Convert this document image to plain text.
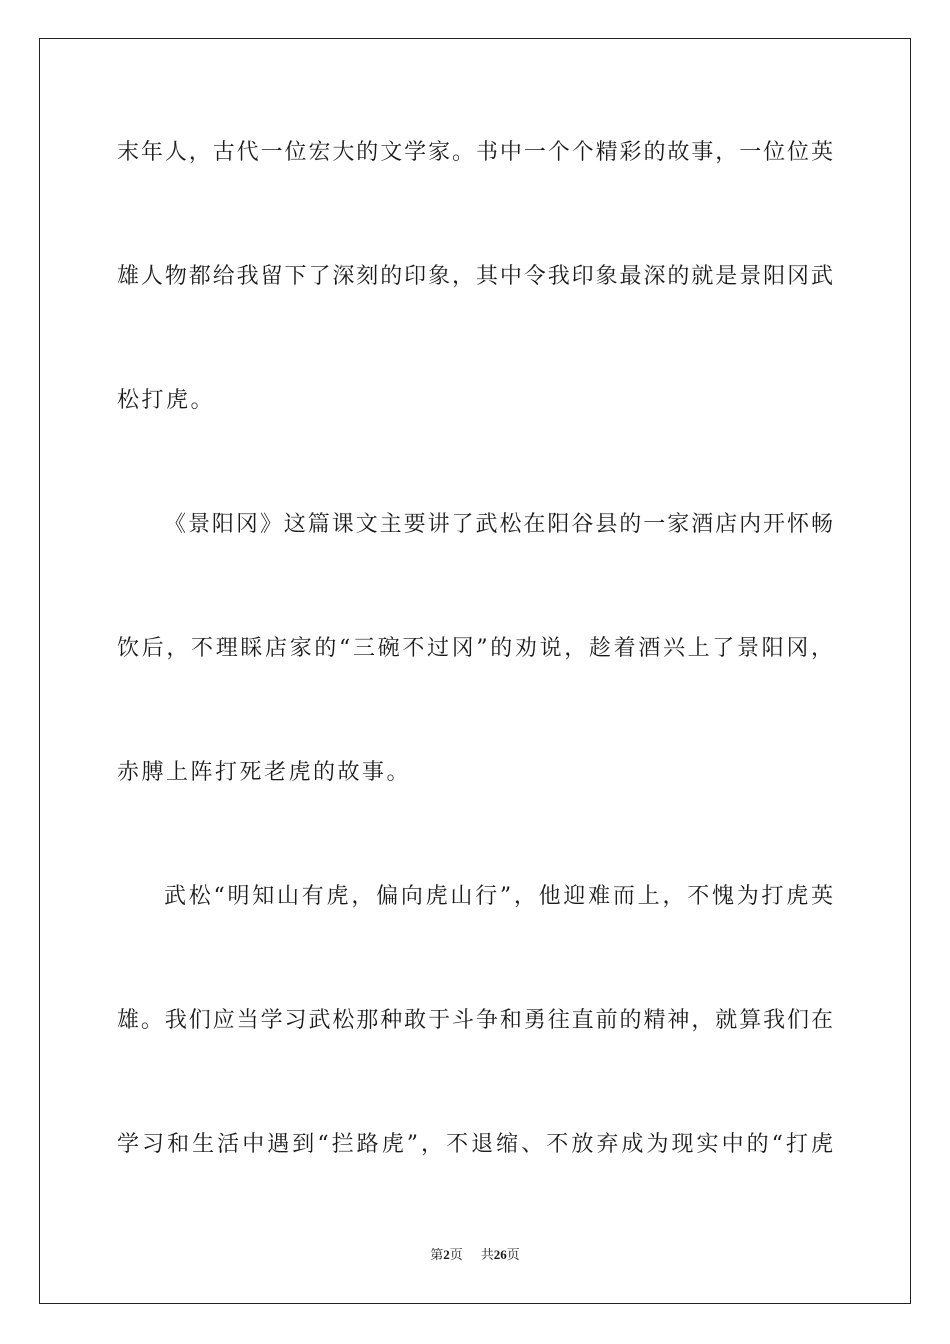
末年人，古代一位宏大的文学家。书中一个个精彩的故事，一位位英
雄人物都给我留下了深刻的印象，其中令我印象最深的就是景阳冈武
松打虎。
《景阳冈》这篇课文主要讲了武松在阳谷县的一家酒店内开怀畅
饮后，不理睬店家的“三碗不过冈”的劝说，趁着酒兴上了景阳冈，
赤膊上阵打死老虎的故事。
武松“明知山有虎，偏向虎山行”，他迎难而上，不愧为打虎英
雄。我们应当学习武松那种敢于斗争和勇往直前的精神，就算我们在
学习和生活中遇到“拦路虎”，不退缩、不放弃成为现实中的“打虎
第2页 共26页
